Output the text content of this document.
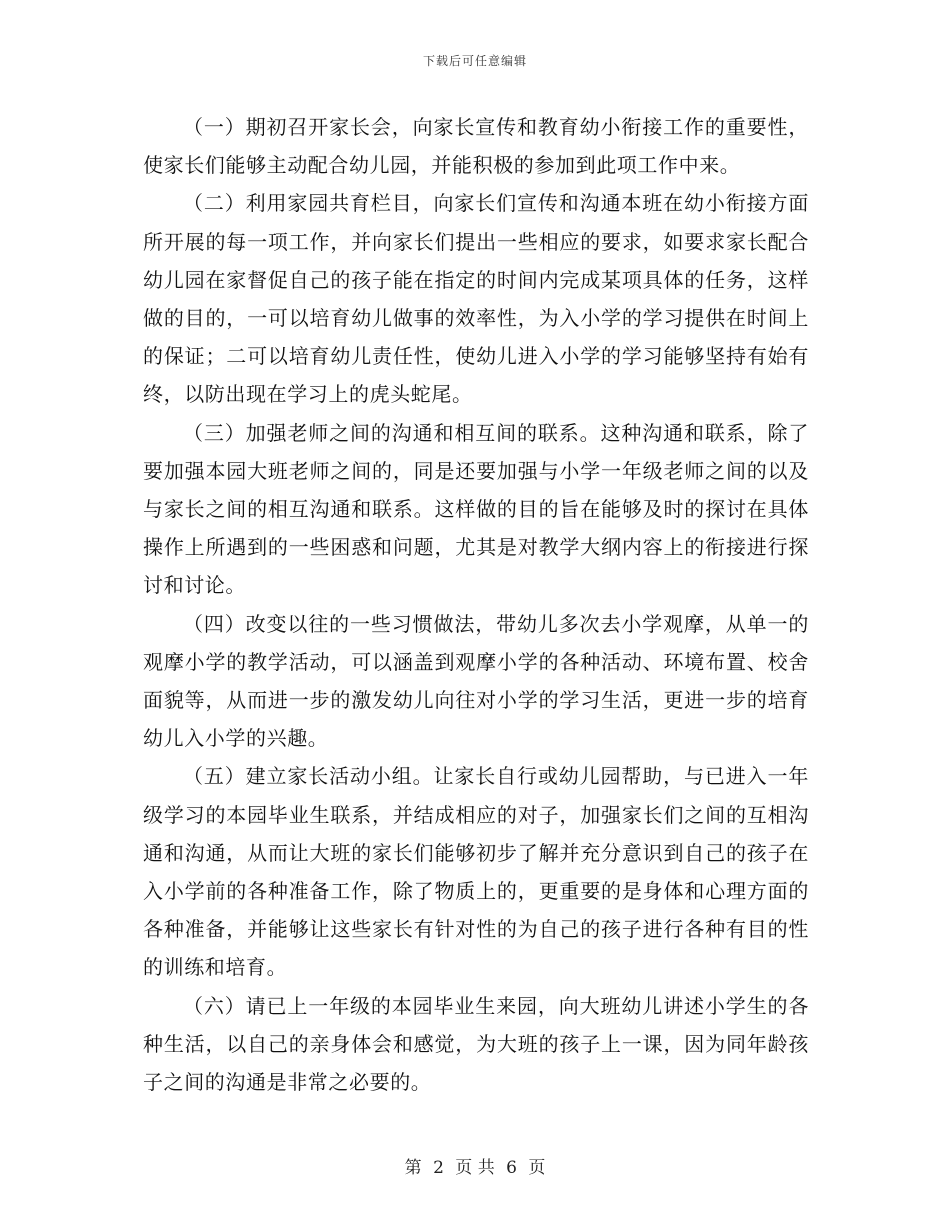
下载后可任意编辑

（一）期初召开家长会，向家长宣传和教育幼小衔接工作的重要性，使家长们能够主动配合幼儿园，并能积极的参加到此项工作中来。

（二）利用家园共育栏目，向家长们宣传和沟通本班在幼小衔接方面所开展的每一项工作，并向家长们提出一些相应的要求，如要求家长配合幼儿园在家督促自己的孩子能在指定的时间内完成某项具体的任务，这样做的目的，一可以培育幼儿做事的效率性，为入小学的学习提供在时间上的保证；二可以培育幼儿责任性，使幼儿进入小学的学习能够坚持有始有终，以防出现在学习上的虎头蛇尾。

（三）加强老师之间的沟通和相互间的联系。这种沟通和联系，除了要加强本园大班老师之间的，同是还要加强与小学一年级老师之间的以及与家长之间的相互沟通和联系。这样做的目的旨在能够及时的探讨在具体操作上所遇到的一些困惑和问题，尤其是对教学大纲内容上的衔接进行探讨和讨论。

（四）改变以往的一些习惯做法，带幼儿多次去小学观摩，从单一的观摩小学的教学活动，可以涵盖到观摩小学的各种活动、环境布置、校舍面貌等，从而进一步的激发幼儿向往对小学的学习生活，更进一步的培育幼儿入小学的兴趣。

（五）建立家长活动小组。让家长自行或幼儿园帮助，与已进入一年级学习的本园毕业生联系，并结成相应的对子，加强家长们之间的互相沟通和沟通，从而让大班的家长们能够初步了解并充分意识到自己的孩子在入小学前的各种准备工作，除了物质上的，更重要的是身体和心理方面的各种准备，并能够让这些家长有针对性的为自己的孩子进行各种有目的性的训练和培育。

（六）请已上一年级的本园毕业生来园，向大班幼儿讲述小学生的各种生活，以自己的亲身体会和感觉，为大班的孩子上一课，因为同年龄孩子之间的沟通是非常之必要的。

第 2 页 共 6 页
